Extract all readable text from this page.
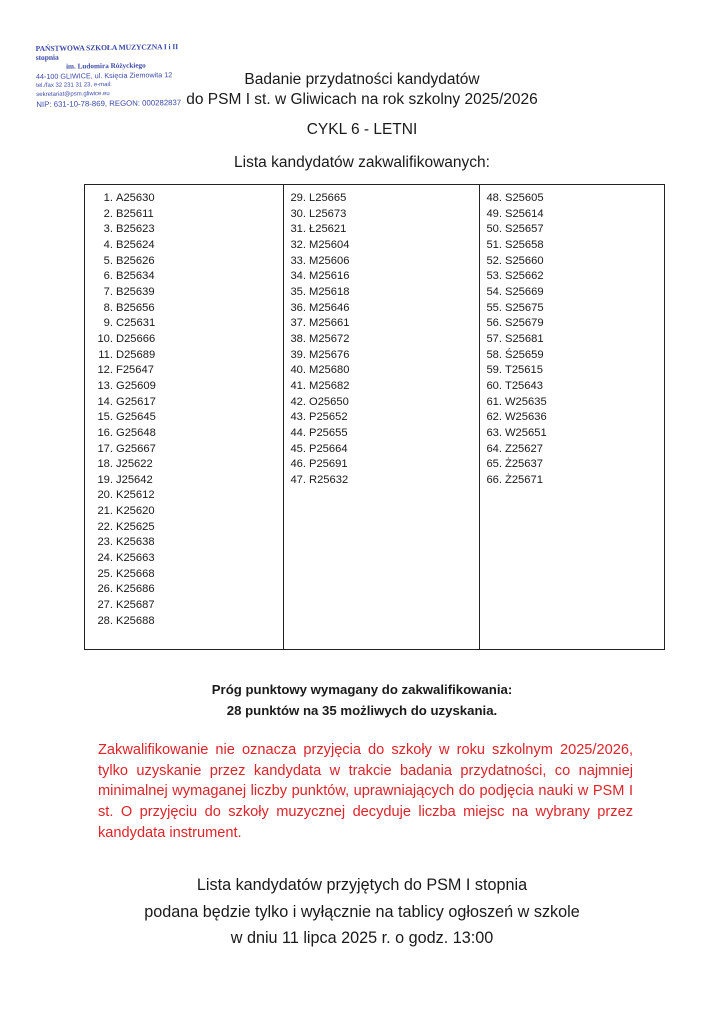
PAŃSTWOWA SZKOŁA MUZYCZNA I i II stopnia
im. Ludomira Różyckiego
44-100 GLIWICE, ul. Księcia Ziemowita 12
tel./fax 32 231 31 23, e-mail: sekretariat@psm.gliwice.eu
NIP: 631-10-78-869, REGON: 000282837
Badanie przydatności kandydatów
do PSM I st. w Gliwicach na rok szkolny 2025/2026
CYKL 6 - LETNI
Lista kandydatów zakwalifikowanych:
1. A25630
2. B25611
3. B25623
4. B25624
5. B25626
6. B25634
7. B25639
8. B25656
9. C25631
10. D25666
11. D25689
12. F25647
13. G25609
14. G25617
15. G25645
16. G25648
17. G25667
18. J25622
19. J25642
20. K25612
21. K25620
22. K25625
23. K25638
24. K25663
25. K25668
26. K25686
27. K25687
28. K25688
29. L25665
30. L25673
31. Ł25621
32. M25604
33. M25606
34. M25616
35. M25618
36. M25646
37. M25661
38. M25672
39. M25676
40. M25680
41. M25682
42. O25650
43. P25652
44. P25655
45. P25664
46. P25691
47. R25632
48. S25605
49. S25614
50. S25657
51. S25658
52. S25660
53. S25662
54. S25669
55. S25675
56. S25679
57. S25681
58. Ś25659
59. T25615
60. T25643
61. W25635
62. W25636
63. W25651
64. Z25627
65. Ż25637
66. Ż25671
Próg punktowy wymagany do zakwalifikowania:
28 punktów na 35 możliwych do uzyskania.
Zakwalifikowanie nie oznacza przyjęcia do szkoły w roku szkolnym 2025/2026, tylko uzyskanie przez kandydata w trakcie badania przydatności, co najmniej minimalnej wymaganej liczby punktów, uprawniających do podjęcia nauki w PSM I st. O przyjęciu do szkoły muzycznej decyduje liczba miejsc na wybrany przez kandydata instrument.
Lista kandydatów przyjętych do PSM I stopnia
podana będzie tylko i wyłącznie na tablicy ogłoszeń w szkole
w dniu 11 lipca 2025 r. o godz. 13:00
